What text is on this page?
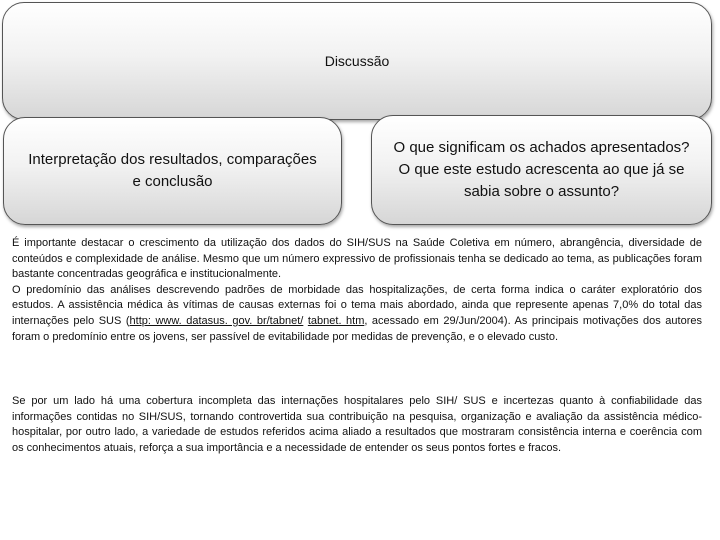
Discussão
Interpretação dos resultados, comparações e conclusão
O que significam os achados apresentados? O que este estudo acrescenta ao que já se sabia sobre o assunto?

É importante destacar o crescimento da utilização dos dados do SIH/SUS na Saúde Coletiva em número, abrangência, diversidade de conteúdos e complexidade de análise. Mesmo que um número expressivo de profissionais tenha se dedicado ao tema, as publicações foram bastante concentradas geográfica e institucionalmente.
O predomínio das análises descrevendo padrões de morbidade das hospitalizações, de certa forma indica o caráter exploratório dos estudos. A assistência médica às vítimas de causas externas foi o tema mais abordado, ainda que represente apenas 7,0% do total das internações pelo SUS (http: www. datasus. gov. br/tabnet/ tabnet. htm, acessado em 29/Jun/2004). As principais motivações dos autores foram o predomínio entre os jovens, ser passível de evitabilidade por medidas de prevenção, e o elevado custo.

Se por um lado há uma cobertura incompleta das internações hospitalares pelo SIH/ SUS e incertezas quanto à confiabilidade das informações contidas no SIH/SUS, tornando controvertida sua contribuição na pesquisa, organização e avaliação da assistência médico-hospitalar, por outro lado, a variedade de estudos referidos acima aliado a resultados que mostraram consistência interna e coerência com os conhecimentos atuais, reforça a sua importância e a necessidade de entender os seus pontos fortes e fracos.
